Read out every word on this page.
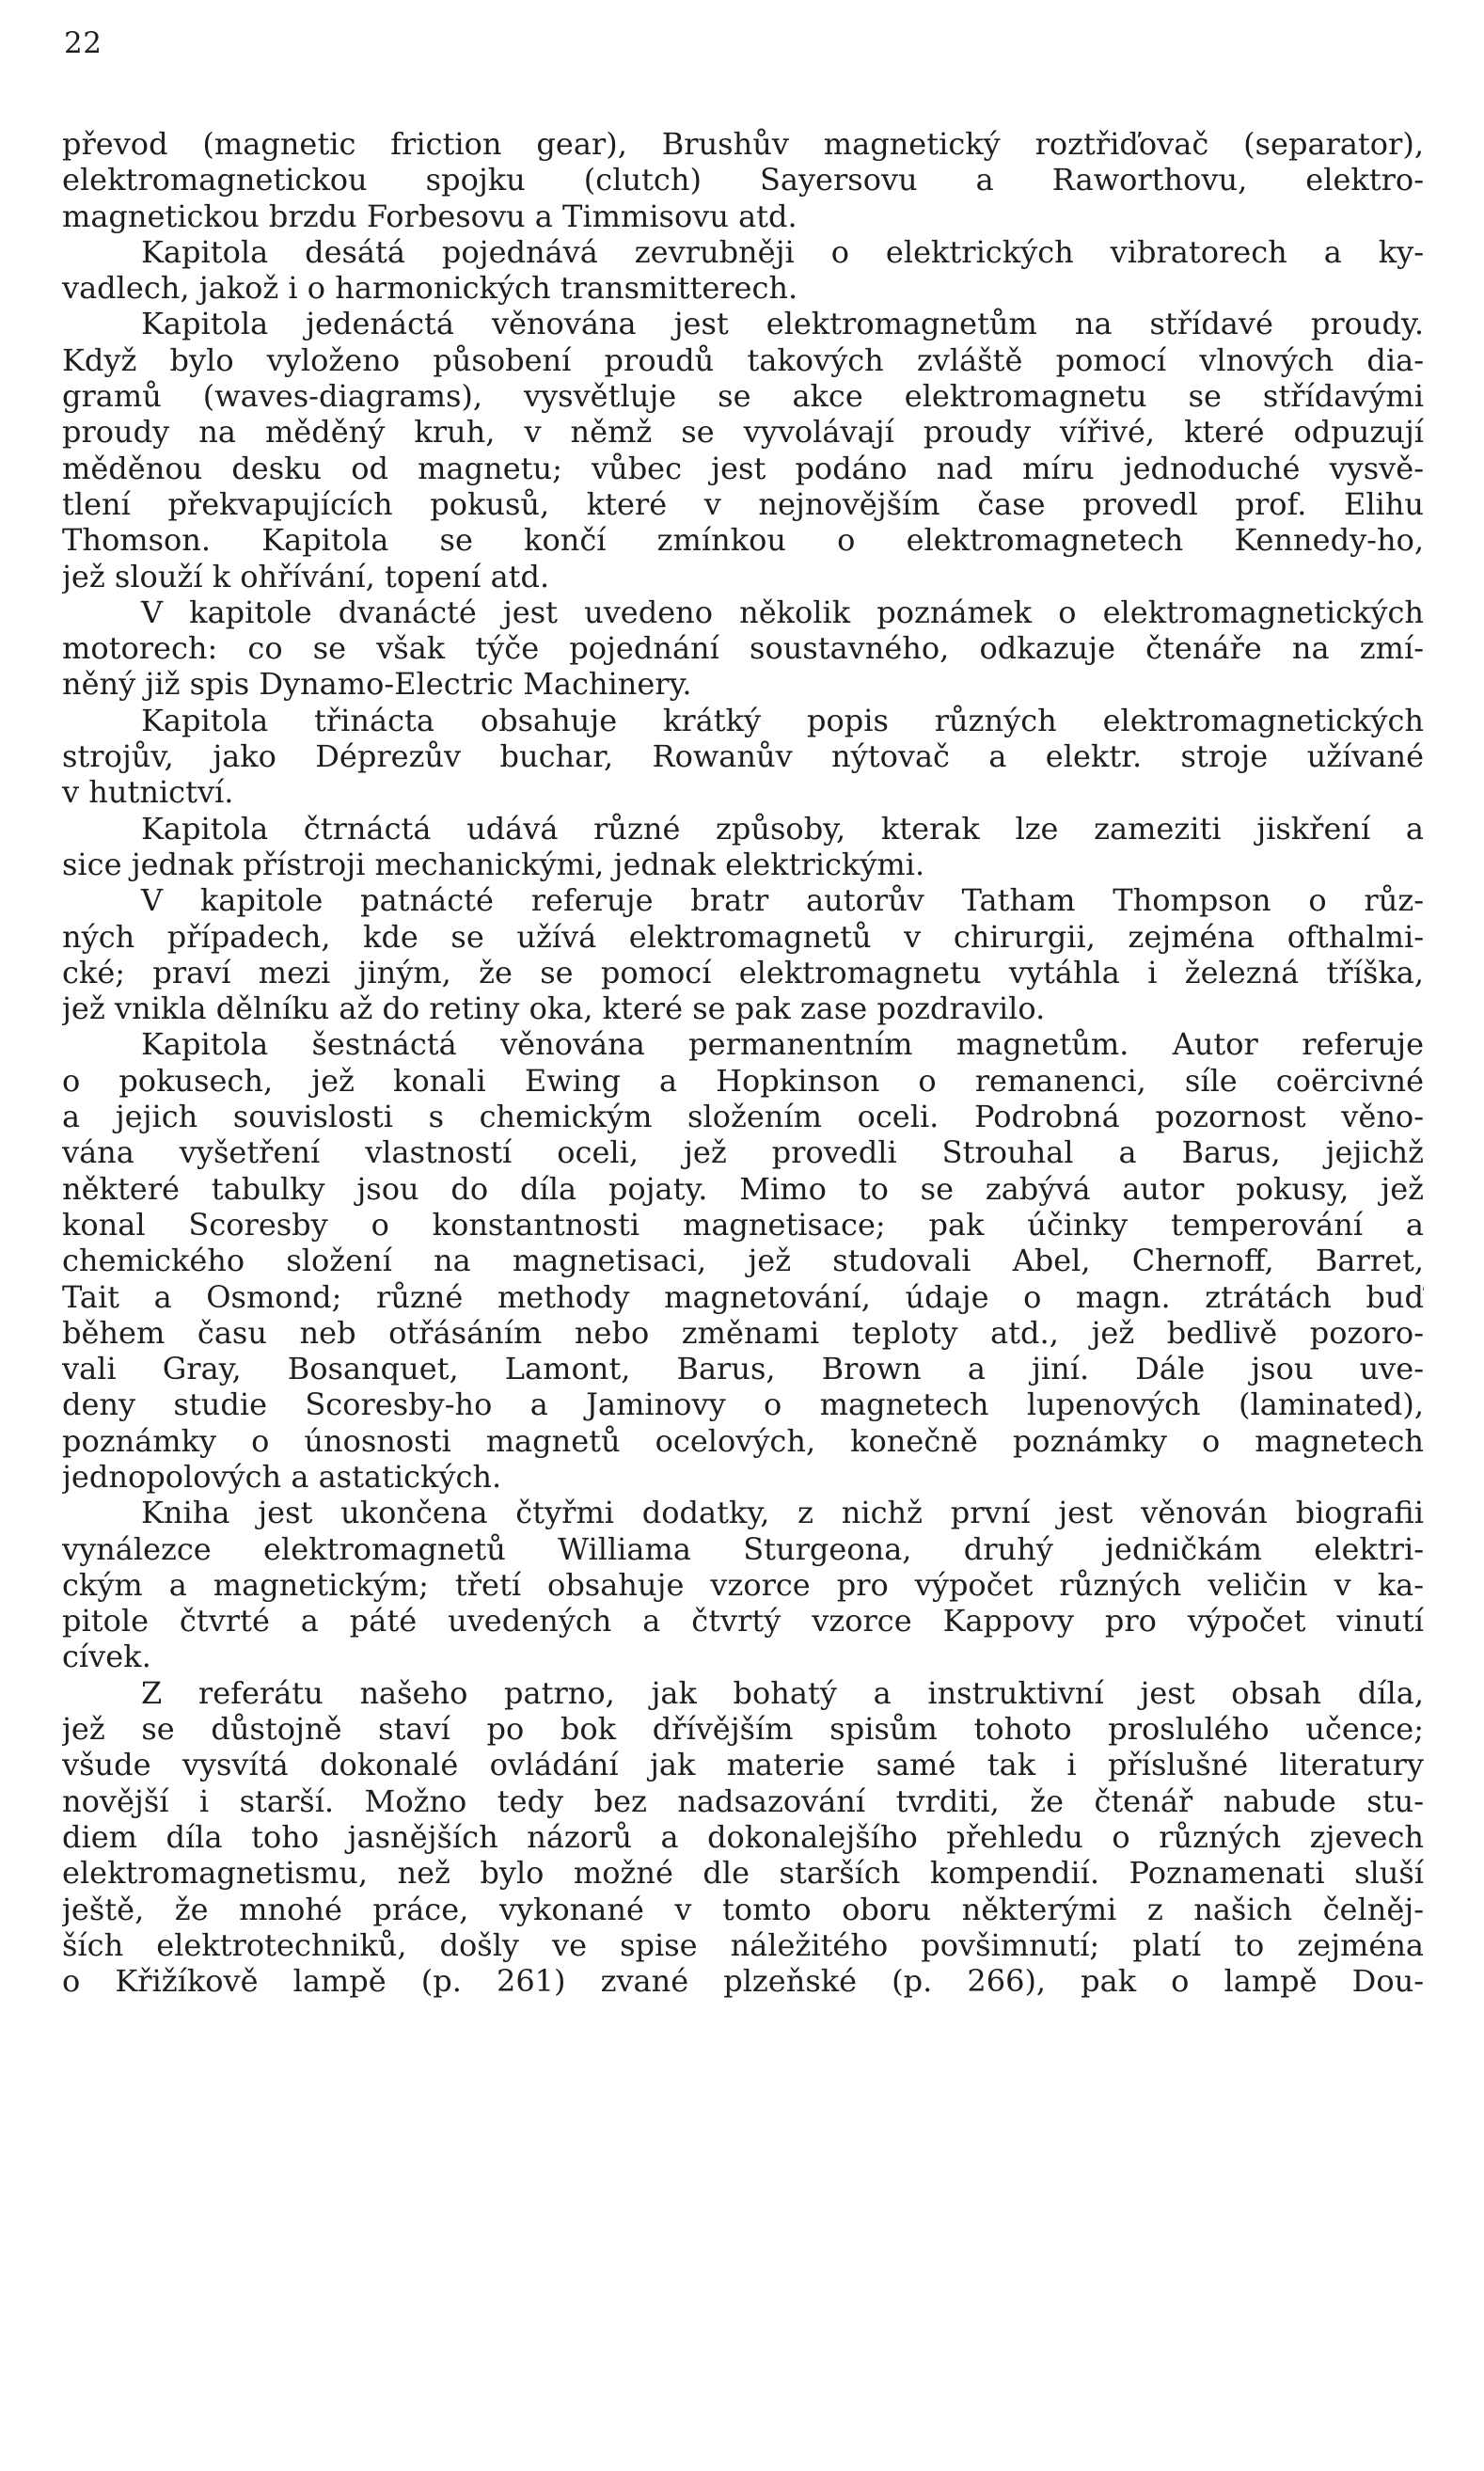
22
převod (magnetic friction gear), Brushův magnetický roztřiďovač (separator),
elektromagnetickou spojku (clutch) Sayersovu a Raworthovu, elektro-
magnetickou brzdu Forbesovu a Timmisovu atd.
Kapitola desátá pojednává zevrubněji o elektrických vibratorech a ky-
vadlech, jakož i o harmonických transmitterech.
Kapitola jedenáctá věnována jest elektromagnetům na střídavé proudy.
Když bylo vyloženo působení proudů takových zvláště pomocí vlnových dia-
gramů (waves-diagrams), vysvětluje se akce elektromagnetu se střídavými
proudy na měděný kruh, v němž se vyvolávají proudy vířivé, které odpuzují
měděnou desku od magnetu; vůbec jest podáno nad míru jednoduché vysvě-
tlení překvapujících pokusů, které v nejnovějším čase provedl prof. Elihu
Thomson. Kapitola se končí zmínkou o elektromagnetech Kennedy-ho,
jež slouží k ohřívání, topení atd.
V kapitole dvanácté jest uvedeno několik poznámek o elektromagnetických
motorech: co se však týče pojednání soustavného, odkazuje čtenáře na zmí-
něný již spis Dynamo-Electric Machinery.
Kapitola třinácta obsahuje krátký popis různých elektromagnetických
strojův, jako Déprezův buchar, Rowanův nýtovač a elektr. stroje užívané
v hutnictví.
Kapitola čtrnáctá udává různé způsoby, kterak lze zameziti jiskření a
sice jednak přístroji mechanickými, jednak elektrickými.
V kapitole patnácté referuje bratr autorův Tatham Thompson o růz-
ných případech, kde se užívá elektromagnetů v chirurgii, zejména ofthalmi-
cké; praví mezi jiným, že se pomocí elektromagnetu vytáhla i železná tříška,
jež vnikla dělníku až do retiny oka, které se pak zase pozdravilo.
Kapitola šestnáctá věnována permanentním magnetům. Autor referuje
o pokusech, jež konali Ewing a Hopkinson o remanenci, síle coërcivné
a jejich souvislosti s chemickým složením oceli. Podrobná pozornost věno-
vána vyšetření vlastností oceli, jež provedli Strouhal a Barus, jejichž
některé tabulky jsou do díla pojaty. Mimo to se zabývá autor pokusy, jež
konal Scoresby o konstantnosti magnetisace; pak účinky temperování a
chemického složení na magnetisaci, jež studovali Abel, Chernoff, Barret,
Tait a Osmond; různé methody magnetování, údaje o magn. ztrátách buď
během času neb otřásáním nebo změnami teploty atd., jež bedlivě pozoro-
vali Gray, Bosanquet, Lamont, Barus, Brown a jiní. Dále jsou uve-
deny studie Scoresby-ho a Jaminovy o magnetech lupenových (laminated),
poznámky o únosnosti magnetů ocelových, konečně poznámky o magnetech
jednopolových a astatických.
Kniha jest ukončena čtyřmi dodatky, z nichž první jest věnován biografii
vynálezce elektromagnetů Williama Sturgeona, druhý jedničkám elektri-
ckým a magnetickým; třetí obsahuje vzorce pro výpočet různých veličin v ka-
pitole čtvrté a páté uvedených a čtvrtý vzorce Kappovy pro výpočet vinutí
cívek.
Z referátu našeho patrno, jak bohatý a instruktivní jest obsah díla,
jež se důstojně staví po bok dřívějším spisům tohoto proslulého učence;
všude vysvítá dokonalé ovládání jak materie samé tak i příslušné literatury
novější i starší. Možno tedy bez nadsazování tvrditi, že čtenář nabude stu-
diem díla toho jasnějších názorů a dokonalejšího přehledu o různých zjevech
elektromagnetismu, než bylo možné dle starších kompendií. Poznamenati sluší
ještě, že mnohé práce, vykonané v tomto oboru některými z našich čelněj-
ších elektrotechniků, došly ve spise náležitého povšimnutí; platí to zejména
o Křižíkově lampě (p. 261) zvané plzeňské (p. 266), pak o lampě Dou-
